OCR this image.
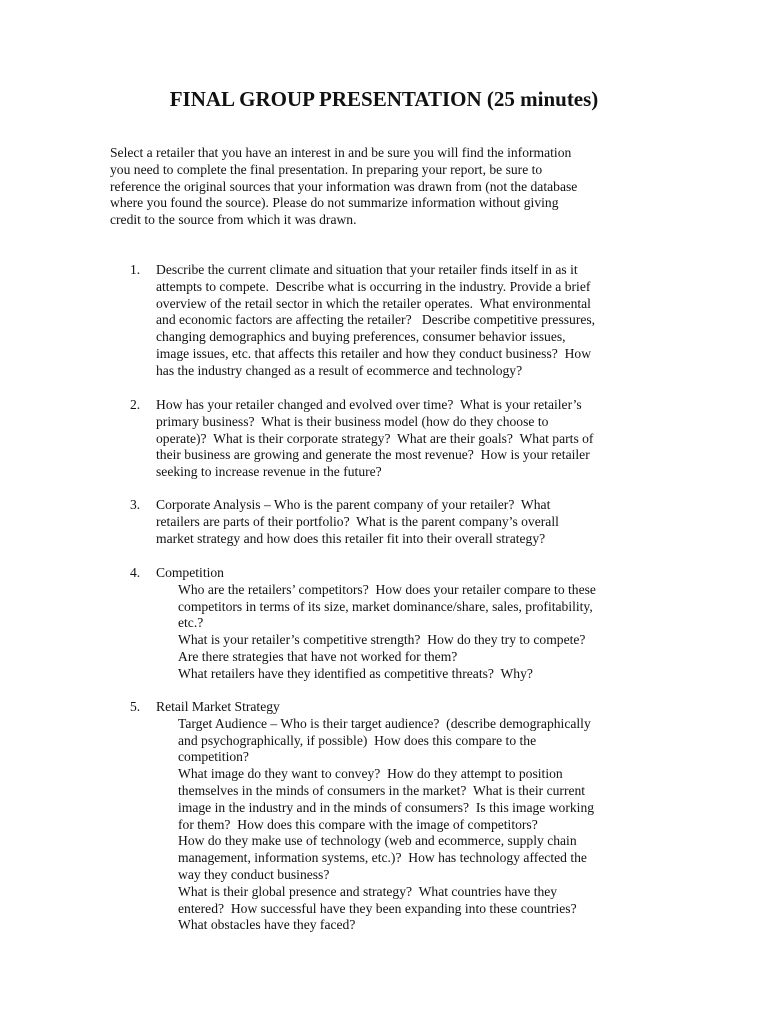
FINAL GROUP PRESENTATION (25 minutes)
Select a retailer that you have an interest in and be sure you will find the information
you need to complete the final presentation. In preparing your report, be sure to
reference the original sources that your information was drawn from (not the database
where you found the source). Please do not summarize information without giving
credit to the source from which it was drawn.
1. Describe the current climate and situation that your retailer finds itself in as it
attempts to compete.  Describe what is occurring in the industry. Provide a brief
overview of the retail sector in which the retailer operates.  What environmental
and economic factors are affecting the retailer?   Describe competitive pressures,
changing demographics and buying preferences, consumer behavior issues,
image issues, etc. that affects this retailer and how they conduct business?  How
has the industry changed as a result of ecommerce and technology?
2. How has your retailer changed and evolved over time?  What is your retailer’s
primary business?  What is their business model (how do they choose to
operate)?  What is their corporate strategy?  What are their goals?  What parts of
their business are growing and generate the most revenue?  How is your retailer
seeking to increase revenue in the future?
3. Corporate Analysis – Who is the parent company of your retailer?  What
retailers are parts of their portfolio?  What is the parent company’s overall
market strategy and how does this retailer fit into their overall strategy?
4. Competition
Who are the retailers’ competitors?  How does your retailer compare to these
competitors in terms of its size, market dominance/share, sales, profitability,
etc.?
What is your retailer’s competitive strength?  How do they try to compete?
Are there strategies that have not worked for them?
What retailers have they identified as competitive threats?  Why?
5. Retail Market Strategy
Target Audience – Who is their target audience?  (describe demographically
and psychographically, if possible)  How does this compare to the
competition?
What image do they want to convey?  How do they attempt to position
themselves in the minds of consumers in the market?  What is their current
image in the industry and in the minds of consumers?  Is this image working
for them?  How does this compare with the image of competitors?
How do they make use of technology (web and ecommerce, supply chain
management, information systems, etc.)?  How has technology affected the
way they conduct business?
What is their global presence and strategy?  What countries have they
entered?  How successful have they been expanding into these countries?
What obstacles have they faced?
